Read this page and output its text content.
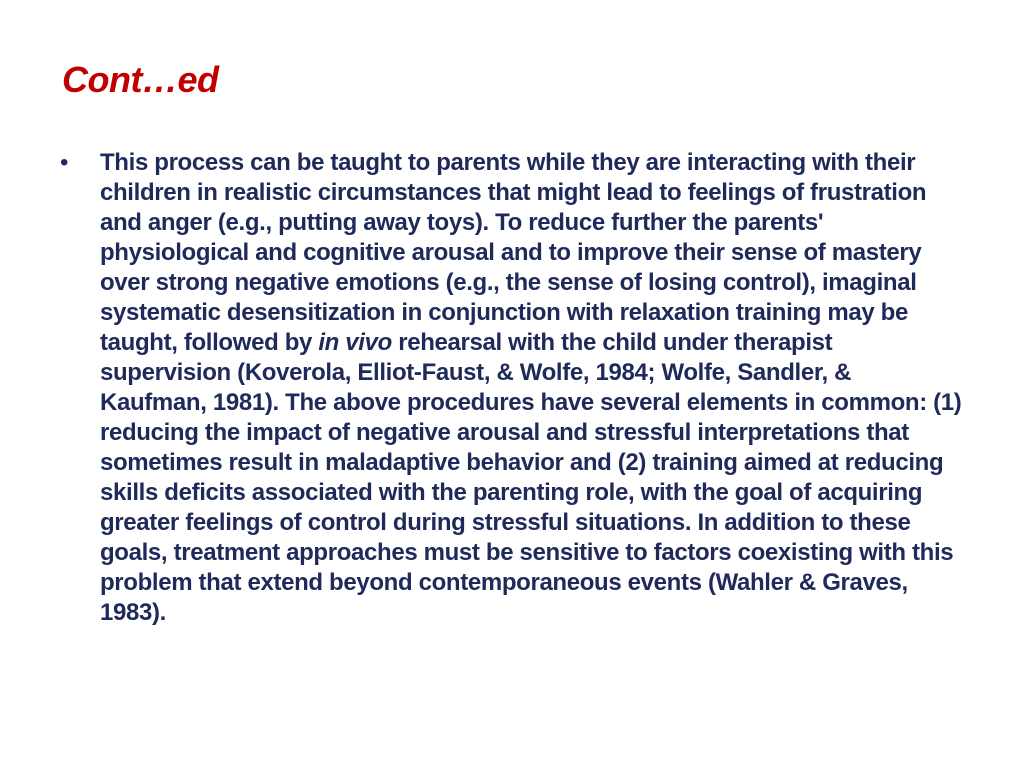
Cont…ed
• This process can be taught to parents while they are interacting with their children in realistic circumstances that might lead to feelings of frustration and anger (e.g., putting away toys). To reduce further the parents' physiological and cognitive arousal and to improve their sense of mastery over strong negative emotions (e.g., the sense of losing control), imaginal systematic desensitization in conjunction with relaxation training may be taught, followed by in vivo rehearsal with the child under therapist supervision (Koverola, Elliot-Faust, & Wolfe, 1984; Wolfe, Sandler, & Kaufman, 1981). The above procedures have several elements in common: (1) reducing the impact of negative arousal and stressful interpretations that sometimes result in maladaptive behavior and (2) training aimed at reducing skills deficits associated with the parenting role, with the goal of acquiring greater feelings of control during stressful situations. In addition to these goals, treatment approaches must be sensitive to factors coexisting with this problem that extend beyond contemporaneous events (Wahler & Graves, 1983).
